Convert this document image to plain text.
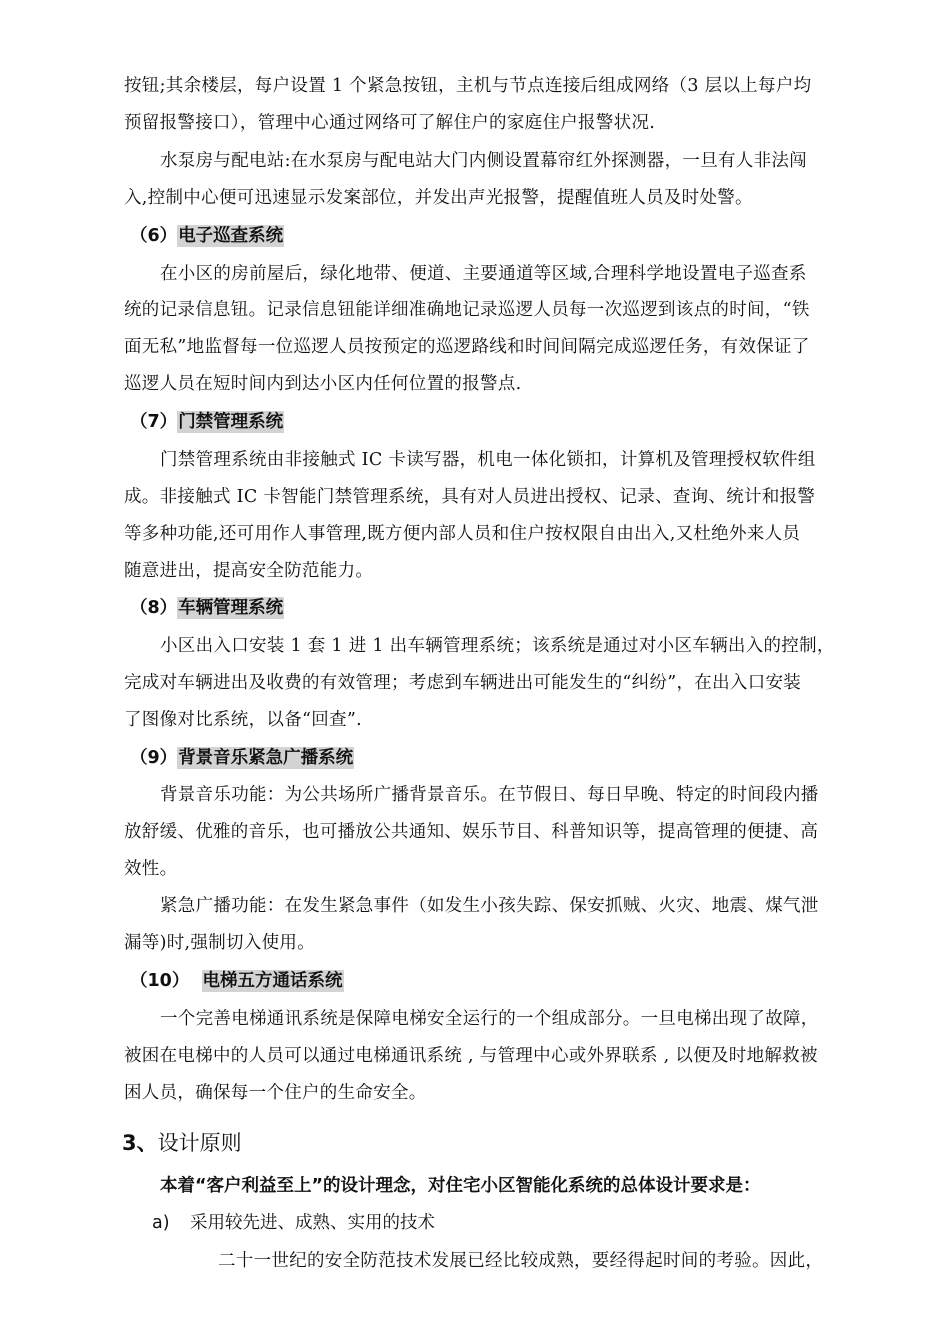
按钮;其余楼层，每户设置 1 个紧急按钮，主机与节点连接后组成网络（3 层以上每户均
预留报警接口），管理中心通过网络可了解住户的家庭住户报警状况.
水泵房与配电站:在水泵房与配电站大门内侧设置幕帘红外探测器，一旦有人非法闯
入,控制中心便可迅速显示发案部位，并发出声光报警，提醒值班人员及时处警。
（6）电子巡查系统
在小区的房前屋后，绿化地带、便道、主要通道等区域,合理科学地设置电子巡查系
统的记录信息钮。记录信息钮能详细准确地记录巡逻人员每一次巡逻到该点的时间，“铁
面无私”地监督每一位巡逻人员按预定的巡逻路线和时间间隔完成巡逻任务，有效保证了
巡逻人员在短时间内到达小区内任何位置的报警点.
（7）门禁管理系统
门禁管理系统由非接触式 IC 卡读写器，机电一体化锁扣，计算机及管理授权软件组
成。非接触式 IC 卡智能门禁管理系统，具有对人员进出授权、记录、查询、统计和报警
等多种功能,还可用作人事管理,既方便内部人员和住户按权限自由出入,又杜绝外来人员
随意进出，提高安全防范能力。
（8）车辆管理系统
小区出入口安装 1 套 1 进 1 出车辆管理系统；该系统是通过对小区车辆出入的控制，
完成对车辆进出及收费的有效管理；考虑到车辆进出可能发生的“纠纷”，在出入口安装
了图像对比系统，以备“回查”.
（9）背景音乐紧急广播系统
背景音乐功能：为公共场所广播背景音乐。在节假日、每日早晚、特定的时间段内播
放舒缓、优雅的音乐，也可播放公共通知、娱乐节目、科普知识等，提高管理的便捷、高
效性。
紧急广播功能：在发生紧急事件（如发生小孩失踪、保安抓贼、火灾、地震、煤气泄
漏等)时,强制切入使用。
（10） 电梯五方通话系统
一个完善电梯通讯系统是保障电梯安全运行的一个组成部分。一旦电梯出现了故障，
被困在电梯中的人员可以通过电梯通讯系统 , 与管理中心或外界联系 , 以便及时地解救被
困人员，确保每一个住户的生命安全。
3、设计原则
本着“客户利益至上”的设计理念，对住宅小区智能化系统的总体设计要求是：
a) 采用较先进、成熟、实用的技术
二十一世纪的安全防范技术发展已经比较成熟，要经得起时间的考验。因此，
